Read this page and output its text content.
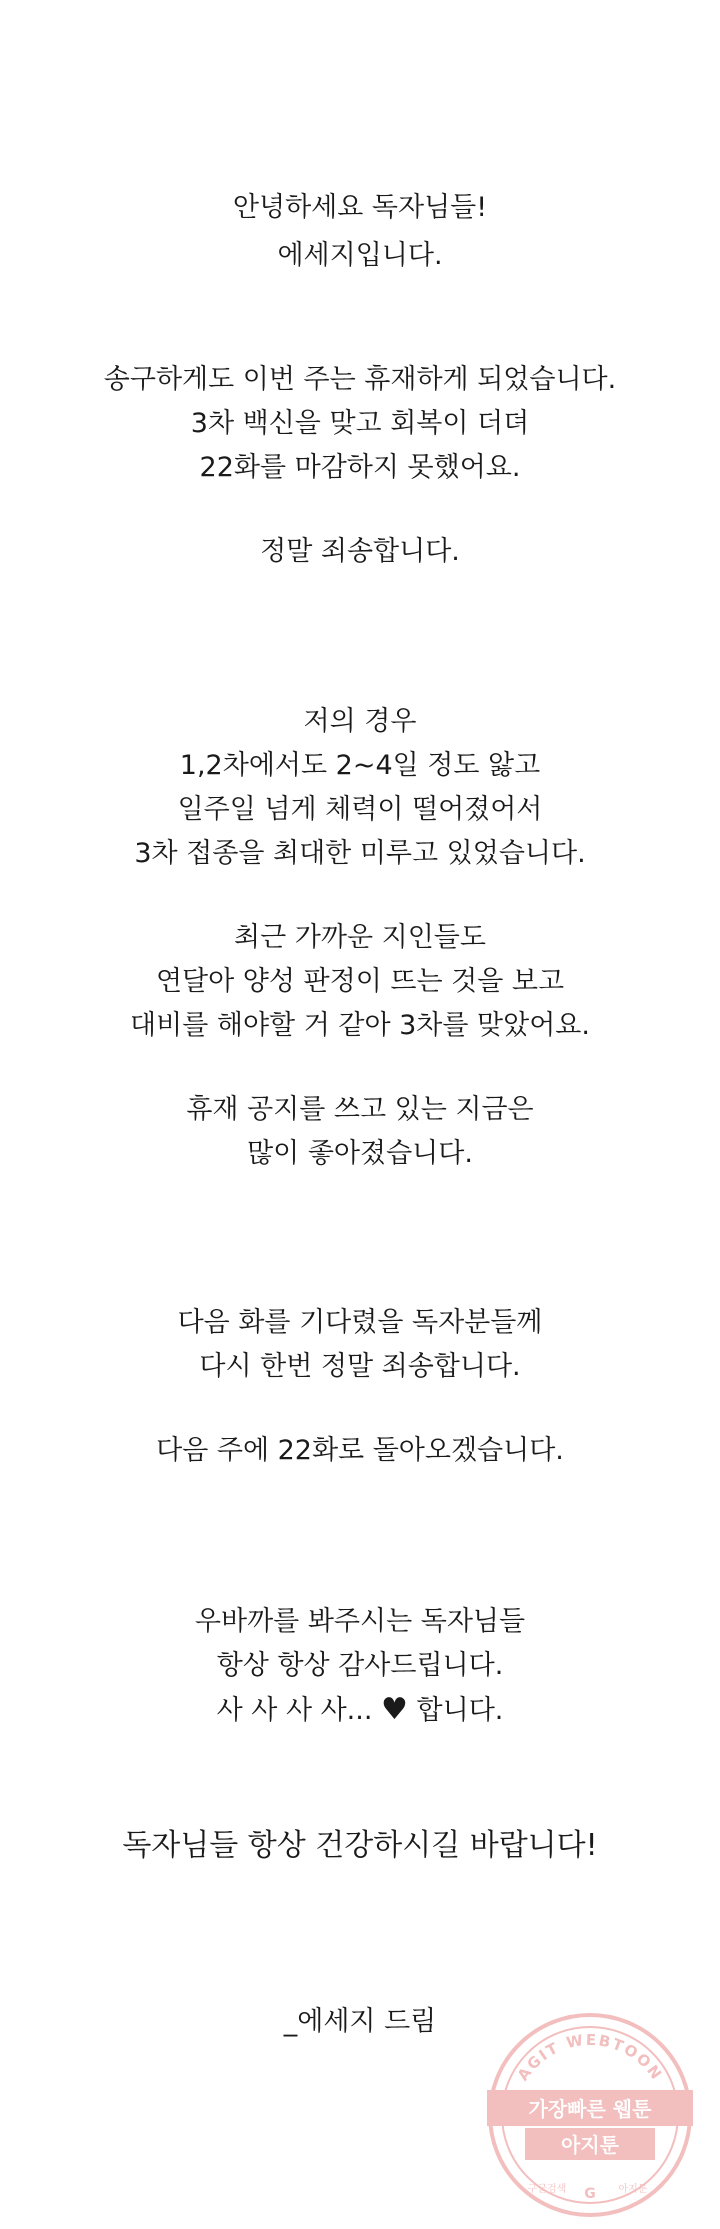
안녕하세요 독자님들!
에세지입니다.
송구하게도 이번 주는 휴재하게 되었습니다.
3차 백신을 맞고 회복이 더뎌
22화를 마감하지 못했어요.
정말 죄송합니다.
저의 경우
1,2차에서도 2~4일 정도 앓고
일주일 넘게 체력이 떨어졌어서
3차 접종을 최대한 미루고 있었습니다.
최근 가까운 지인들도
연달아 양성 판정이 뜨는 것을 보고
대비를 해야할 거 같아 3차를 맞았어요.
휴재 공지를 쓰고 있는 지금은
많이 좋아졌습니다.
다음 화를 기다렸을 독자분들께
다시 한번 정말 죄송합니다.
다음 주에 22화로 돌아오겠습니다.
우바까를 봐주시는 독자님들
항상 항상 감사드립니다.
사 사 사 사... ♥ 합니다.
독자님들 항상 건강하시길 바랍니다!
_에세지 드림
AGIT WEBTOON
가장빠른 웹툰
아지툰
구글검색 G 아지툰
